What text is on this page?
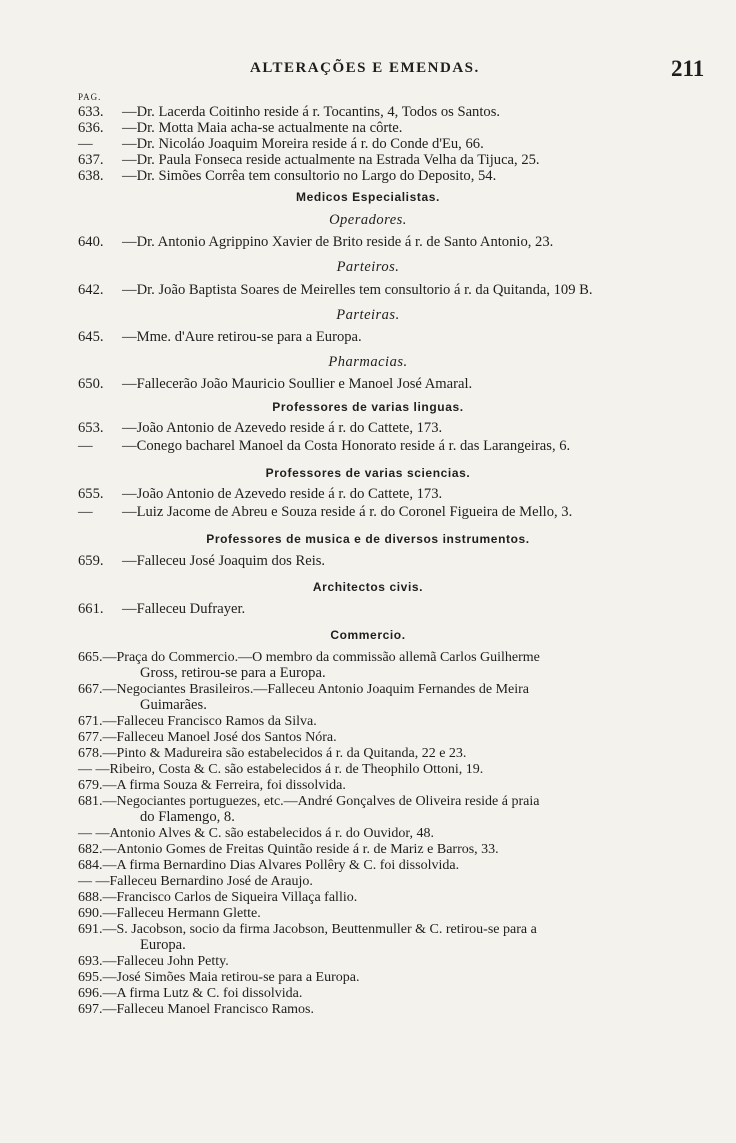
ALTERAÇÕES E EMENDAS.	211
PAG.
633. —Dr. Lacerda Coitinho reside á r. Tocantins, 4, Todos os Santos.
636. —Dr. Motta Maia acha-se actualmente na côrte.
— —Dr. Nicoláo Joaquim Moreira reside á r. do Conde d'Eu, 66.
637. —Dr. Paula Fonseca reside actualmente na Estrada Velha da Tijuca, 25.
638. —Dr. Simões Corrêa tem consultorio no Largo do Deposito, 54.
Medicos Especialistas.
Operadores.
640. —Dr. Antonio Agrippino Xavier de Brito reside á r. de Santo Antonio, 23.
Parteiros.
642. —Dr. João Baptista Soares de Meirelles tem consultorio á r. da Quitanda, 109 B.
Parteiras.
645. —Mme. d'Aure retirou-se para a Europa.
Pharmacias.
650. —Fallecerão João Mauricio Soullier e Manoel José Amaral.
Professores de varias linguas.
653. —João Antonio de Azevedo reside á r. do Cattete, 173.
— —Conego bacharel Manoel da Costa Honorato reside á r. das Larangeiras, 6.
Professores de varias sciencias.
655. —João Antonio de Azevedo reside á r. do Cattete, 173.
— —Luiz Jacome de Abreu e Souza reside á r. do Coronel Figueira de Mello, 3.
Professores de musica e de diversos instrumentos.
659. —Falleceu José Joaquim dos Reis.
Architectos civis.
661. —Falleceu Dufrayer.
Commercio.
665.—Praça do Commercio.—O membro da commissão allemã Carlos Guilherme
Gross, retirou-se para a Europa.
667.—Negociantes Brasileiros.—Falleceu Antonio Joaquim Fernandes de Meira
Guimarães.
671.—Falleceu Francisco Ramos da Silva.
677.—Falleceu Manoel José dos Santos Nóra.
678.—Pinto & Madureira são estabelecidos á r. da Quitanda, 22 e 23.
— —Ribeiro, Costa & C. são estabelecidos á r. de Theophilo Ottoni, 19.
679.—A firma Souza & Ferreira, foi dissolvida.
681.—Negociantes portuguezes, etc.—André Gonçalves de Oliveira reside á praia
do Flamengo, 8.
— —Antonio Alves & C. são estabelecidos á r. do Ouvidor, 48.
682.—Antonio Gomes de Freitas Quintão reside á r. de Mariz e Barros, 33.
684.—A firma Bernardino Dias Alvares Pollêry & C. foi dissolvida.
— —Falleceu Bernardino José de Araujo.
688.—Francisco Carlos de Siqueira Villaça fallio.
690.—Falleceu Hermann Glette.
691.—S. Jacobson, socio da firma Jacobson, Beuttenmuller & C. retirou-se para a
Europa.
693.—Falleceu John Petty.
695.—José Simões Maia retirou-se para a Europa.
696.—A firma Lutz & C. foi dissolvida.
697.—Falleceu Manoel Francisco Ramos.
